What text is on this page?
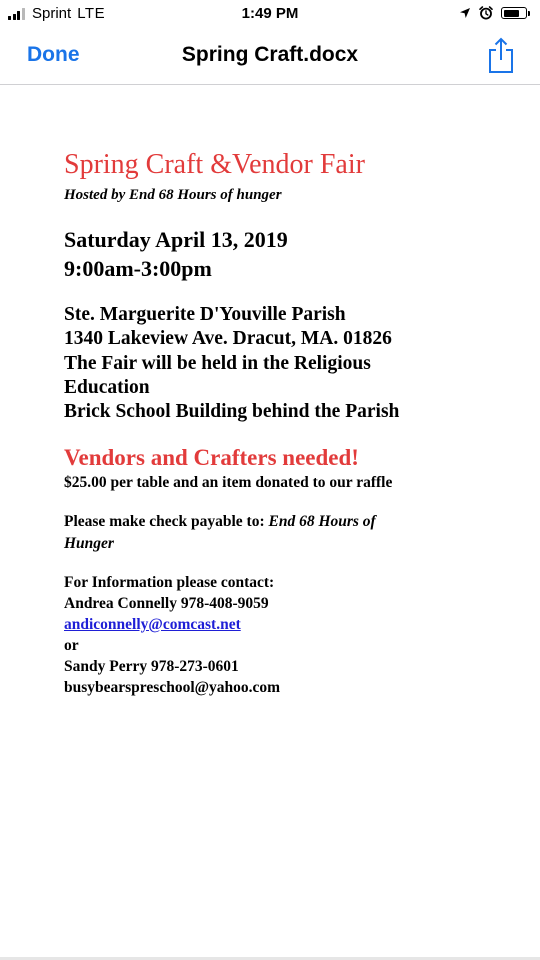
Sprint LTE	1:49 PM
Done	Spring Craft.docx
Spring Craft &Vendor Fair
Hosted by End 68 Hours of hunger
Saturday April 13, 2019
9:00am-3:00pm
Ste. Marguerite D'Youville Parish
1340 Lakeview Ave. Dracut, MA. 01826
The Fair will be held in the Religious
Education
Brick School Building behind the Parish
Vendors and Crafters needed!
$25.00 per table and an item donated to our raffle
Please make check payable to: End 68 Hours of
Hunger
For Information please contact:
Andrea Connelly 978-408-9059
andiconnelly@comcast.net
or
Sandy Perry 978-273-0601
busybearspreschool@yahoo.com
